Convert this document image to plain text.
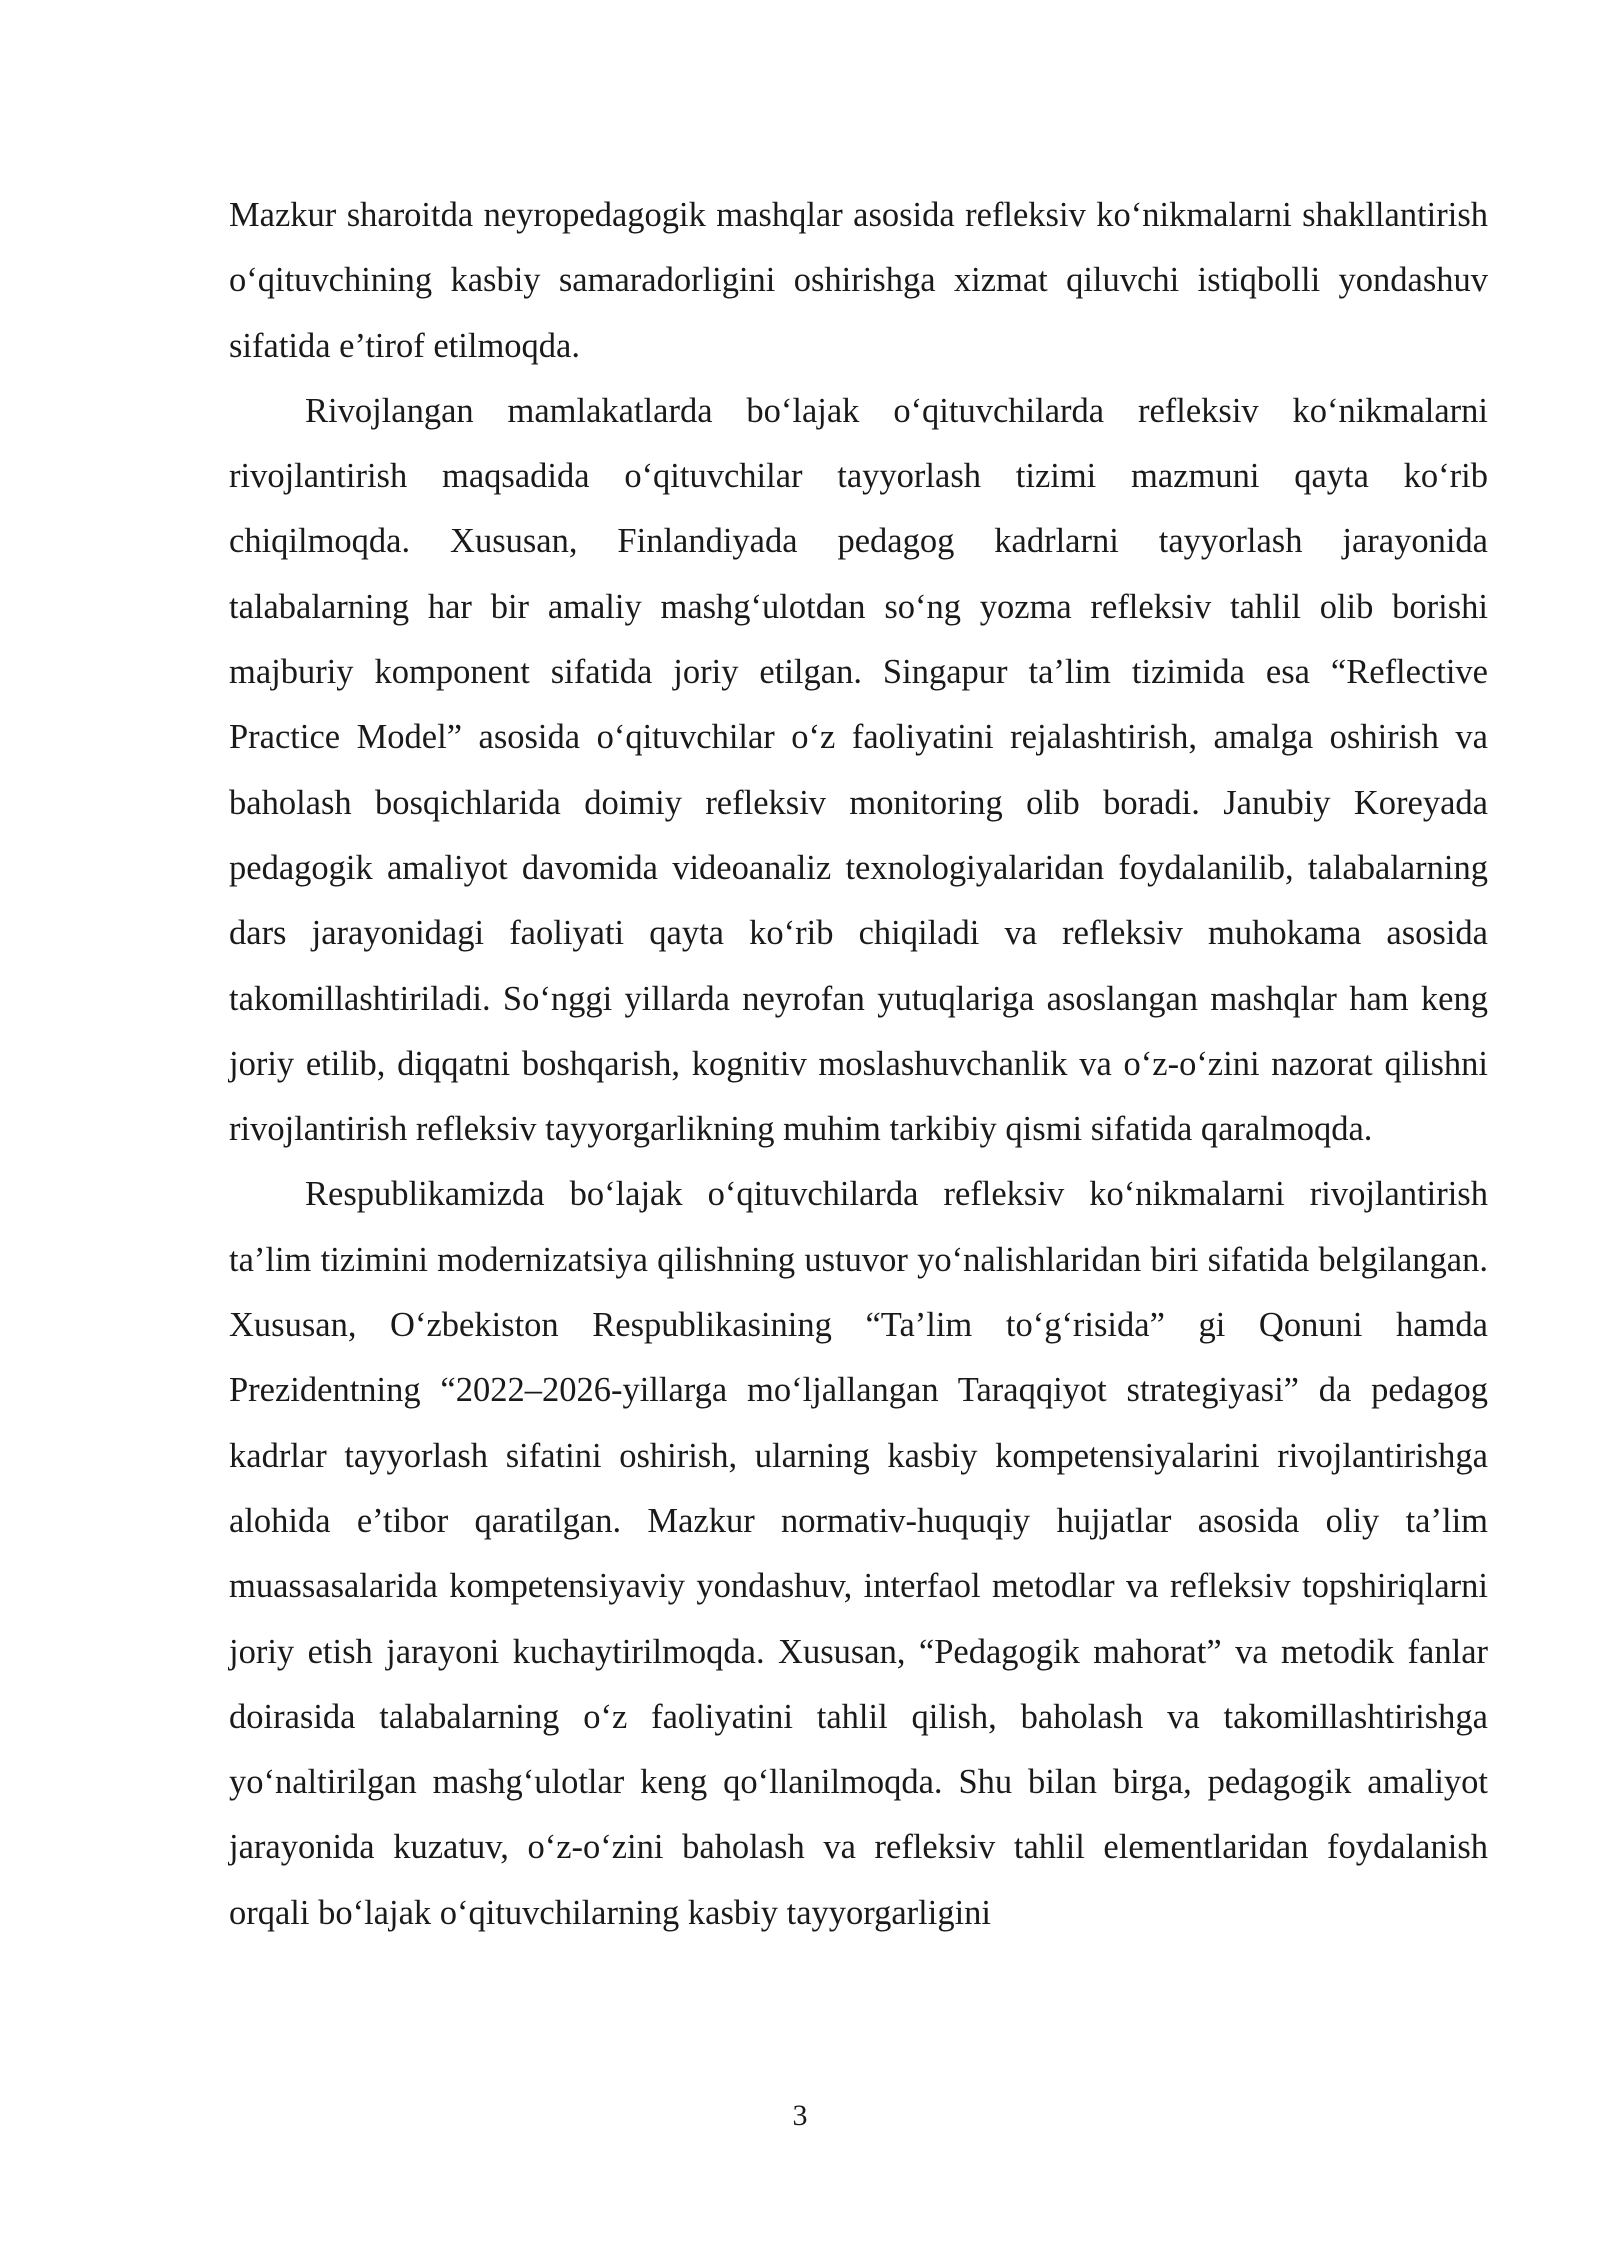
Mazkur sharoitda neyropedagogik mashqlar asosida refleksiv ko‘nikmalarni shakllantirish o‘qituvchining kasbiy samaradorligini oshirishga xizmat qiluvchi istiqbolli yondashuv sifatida e’tirof etilmoqda.

Rivojlangan mamlakatlarda bo‘lajak o‘qituvchilarda refleksiv ko‘nikmalarni rivojlantirish maqsadida o‘qituvchilar tayyorlash tizimi mazmuni qayta ko‘rib chiqilmoqda. Xususan, Finlandiyada pedagog kadrlarni tayyorlash jarayonida talabalarning har bir amaliy mashg‘ulotdan so‘ng yozma refleksiv tahlil olib borishi majburiy komponent sifatida joriy etilgan. Singapur ta’lim tizimida esa “Reflective Practice Model” asosida o‘qituvchilar o‘z faoliyatini rejalashtirish, amalga oshirish va baholash bosqichlarida doimiy refleksiv monitoring olib boradi. Janubiy Koreyada pedagogik amaliyot davomida videoanaliz texnologiyalaridan foydalanilib, talabalarning dars jarayonidagi faoliyati qayta ko‘rib chiqiladi va refleksiv muhokama asosida takomillashtiriladi. So‘nggi yillarda neyrofan yutuqlariga asoslangan mashqlar ham keng joriy etilib, diqqatni boshqarish, kognitiv moslashuvchanlik va o‘z-o‘zini nazorat qilishni rivojlantirish refleksiv tayyorgarlikning muhim tarkibiy qismi sifatida qaralmoqda.

Respublikamizda bo‘lajak o‘qituvchilarda refleksiv ko‘nikmalarni rivojlantirish ta’lim tizimini modernizatsiya qilishning ustuvor yo‘nalishlaridan biri sifatida belgilangan. Xususan, O‘zbekiston Respublikasining “Ta’lim to‘g‘risida” gi Qonuni hamda Prezidentning “2022–2026-yillarga mo‘ljallangan Taraqqiyot strategiyasi” da pedagog kadrlar tayyorlash sifatini oshirish, ularning kasbiy kompetensiyalarini rivojlantirishga alohida e’tibor qaratilgan. Mazkur normativ-huquqiy hujjatlar asosida oliy ta’lim muassasalarida kompetensiyaviy yondashuv, interfaol metodlar va refleksiv topshiriqlarni joriy etish jarayoni kuchaytirilmoqda. Xususan, “Pedagogik mahorat” va metodik fanlar doirasida talabalarning o‘z faoliyatini tahlil qilish, baholash va takomillashtirishga yo‘naltirilgan mashg‘ulotlar keng qo‘llanilmoqda. Shu bilan birga, pedagogik amaliyot jarayonida kuzatuv, o‘z-o‘zini baholash va refleksiv tahlil elementlaridan foydalanish orqali bo‘lajak o‘qituvchilarning kasbiy tayyorgarligini

3
